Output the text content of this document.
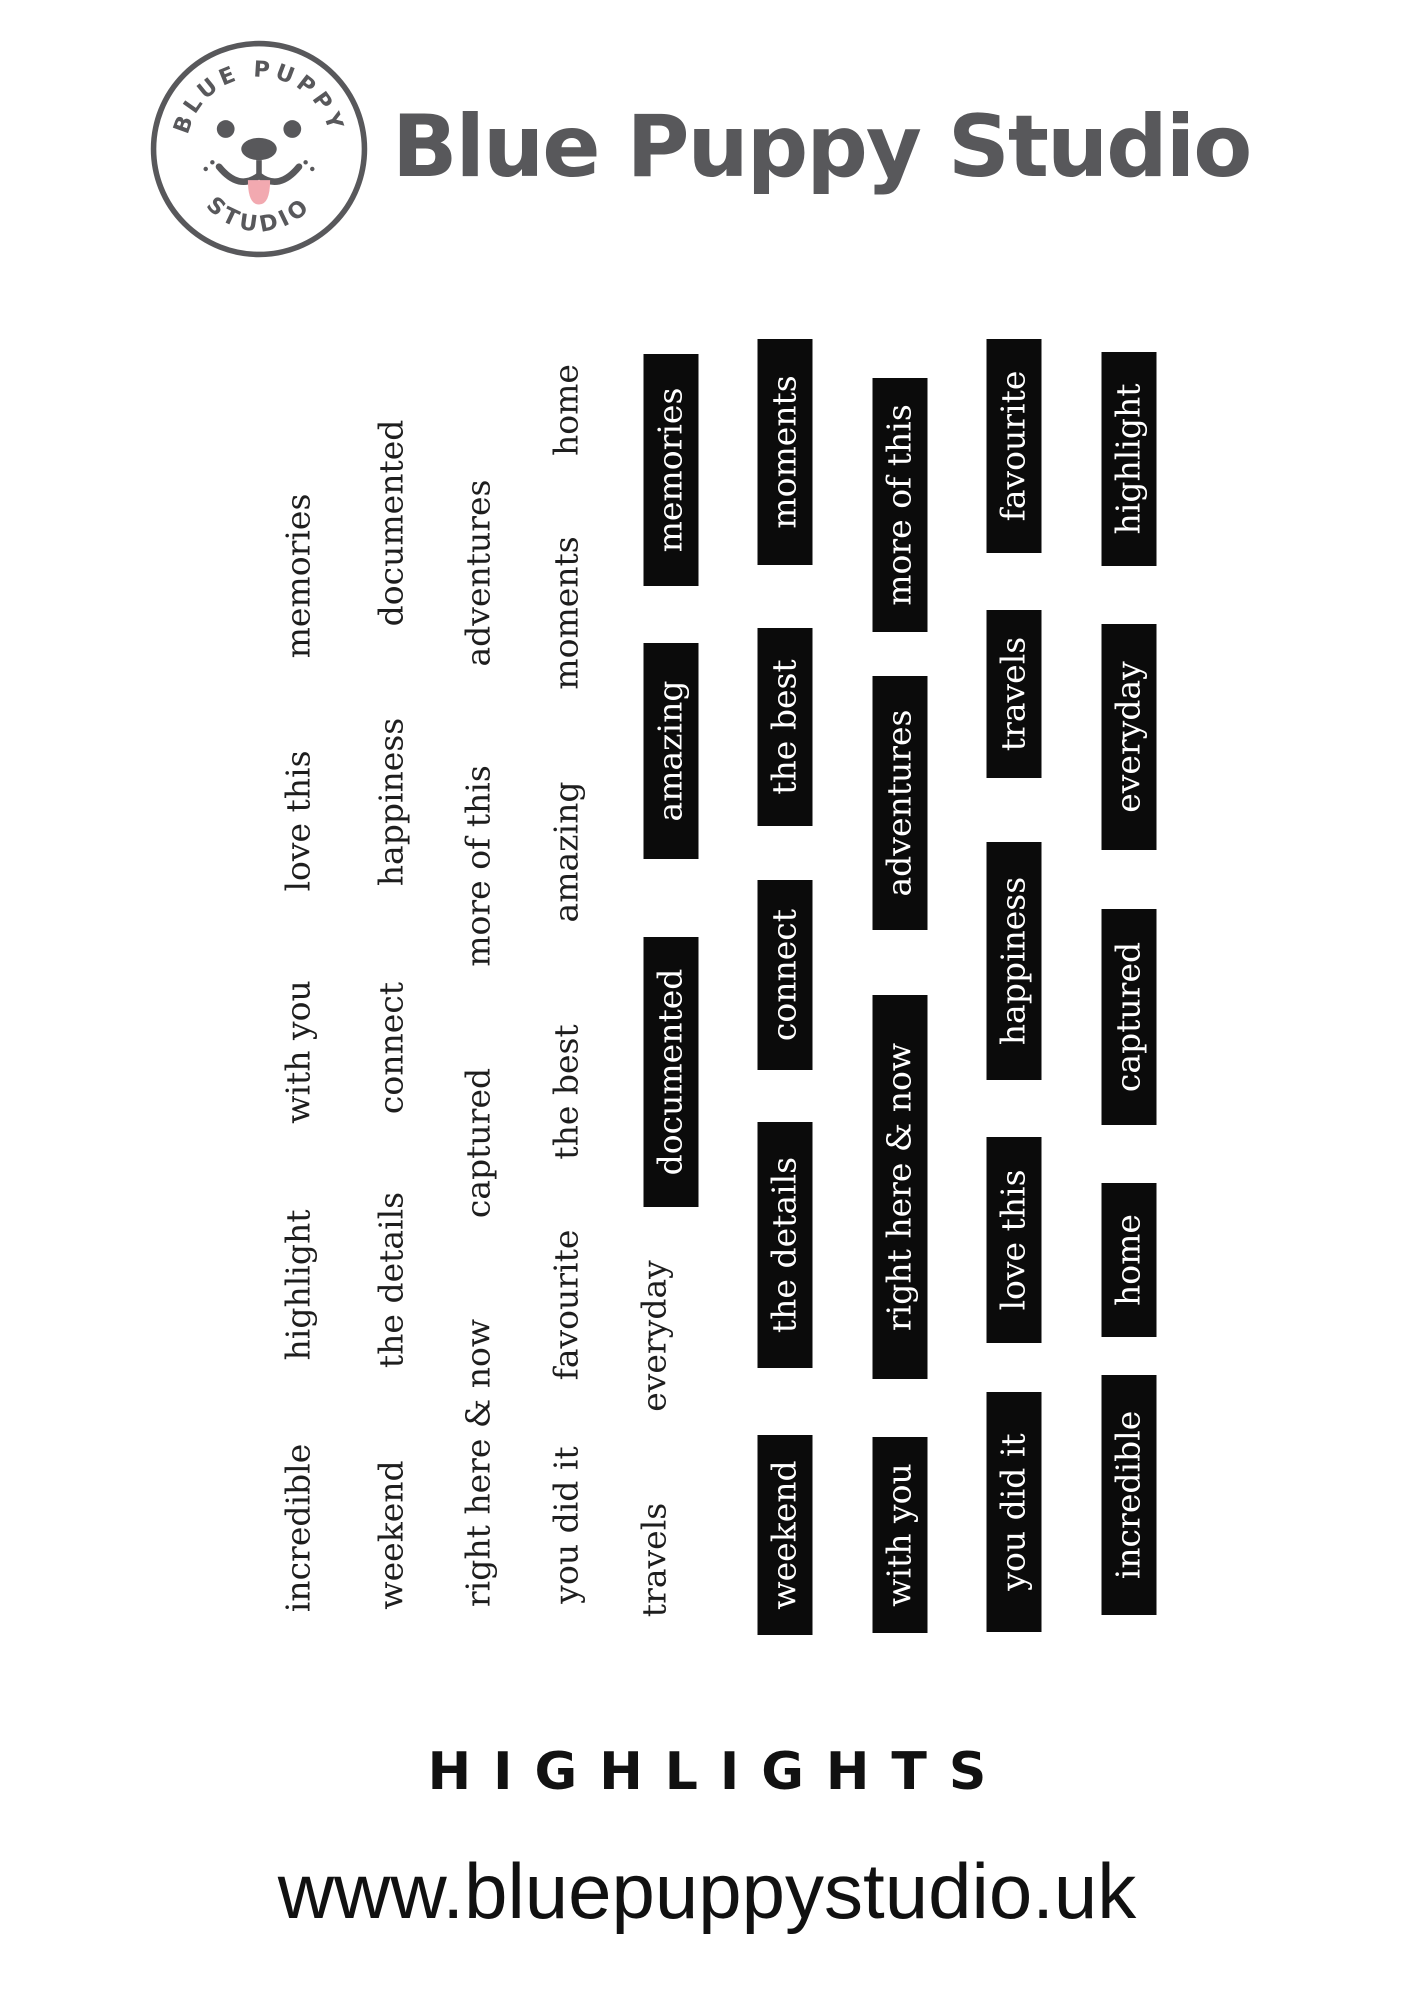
BLUE PUPPY
STUDIO
Blue Puppy Studio
incredible
highlight
with you
love this
memories
weekend
the details
connect
happiness
documented
right here & now
captured
more of this
adventures
you did it
favourite
the best
amazing
moments
home
travels
everyday
documented
amazing
memories
weekend
the details
connect
the best
moments
with you
right here & now
adventures
more of this
you did it
love this
happiness
travels
favourite
incredible
home
captured
everyday
highlight
HIGHLIGHTS
www.bluepuppystudio.uk
